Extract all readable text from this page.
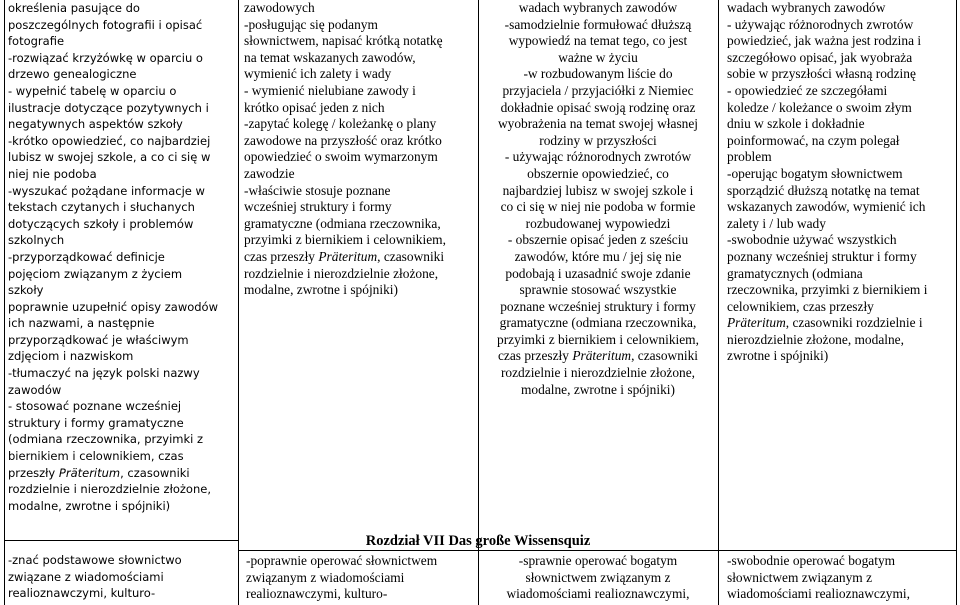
określenia pasujące do
poszczególnych fotografii i opisać
fotografie
-rozwiązać krzyżówkę w oparciu o
drzewo genealogiczne
- wypełnić tabelę w oparciu o
ilustracje dotyczące pozytywnych i
negatywnych aspektów szkoły
-krótko opowiedzieć, co najbardziej
lubisz w swojej szkole, a co ci się w
niej nie podoba
-wyszukać pożądane informacje w
tekstach czytanych i słuchanych
dotyczących szkoły i problemów
szkolnych
-przyporządkować definicje
pojęciom związanym z życiem
szkoły
poprawnie uzupełnić opisy zawodów
ich nazwami, a następnie
przyporządkować je właściwym
zdjęciom i nazwiskom
-tłumaczyć na język polski nazwy
zawodów
- stosować poznane wcześniej
struktury i formy gramatyczne
(odmiana rzeczownika, przyimki z
biernikiem i celownikiem, czas
przeszły Präteritum, czasowniki
rozdzielnie i nierozdzielnie złożone,
modalne, zwrotne i spójniki)
zawodowych
-posługując się podanym
słownictwem, napisać krótką notatkę
na temat wskazanych zawodów,
wymienić ich zalety i wady
- wymienić nielubiane zawody i
krótko opisać jeden z nich
-zapytać kolegę / koleżankę o plany
zawodowe na przyszłość oraz krótko
opowiedzieć o swoim wymarzonym
zawodzie
-właściwie stosuje poznane
wcześniej struktury i formy
gramatyczne (odmiana rzeczownika,
przyimki z biernikiem i celownikiem,
czas przeszły Präteritum, czasowniki
rozdzielnie i nierozdzielnie złożone,
modalne, zwrotne i spójniki)
wadach wybranych zawodów
-samodzielnie formułować dłuższą
wypowiedź na temat tego, co jest
ważne w życiu
-w rozbudowanym liście do
przyjaciela / przyjaciółki z Niemiec
dokładnie opisać swoją rodzinę oraz
wyobrażenia na temat swojej własnej
rodziny w przyszłości
- używając różnorodnych zwrotów
obszernie opowiedzieć, co
najbardziej lubisz w swojej szkole i
co ci się w niej nie podoba w formie
rozbudowanej wypowiedzi
- obszernie opisać jeden z sześciu
zawodów, które mu / jej się nie
podobają i uzasadnić swoje zdanie
sprawnie stosować wszystkie
poznane wcześniej struktury i formy
gramatyczne (odmiana rzeczownika,
przyimki z biernikiem i celownikiem,
czas przeszły Präteritum, czasowniki
rozdzielnie i nierozdzielnie złożone,
modalne, zwrotne i spójniki)
wadach wybranych zawodów
- używając różnorodnych zwrotów
powiedzieć, jak ważna jest rodzina i
szczegółowo opisać, jak wyobraża
sobie w przyszłości własną rodzinę
- opowiedzieć ze szczegółami
koledze / koleżance o swoim złym
dniu w szkole i dokładnie
poinformować, na czym polegał
problem
-operując bogatym słownictwem
sporządzić dłuższą notatkę na temat
wskazanych zawodów, wymienić ich
zalety i / lub wady
-swobodnie używać wszystkich
poznany wcześniej struktur i formy
gramatycznych (odmiana
rzeczownika, przyimki z biernikiem i
celownikiem, czas przeszły
Präteritum, czasowniki rozdzielnie i
nierozdzielnie złożone, modalne,
zwrotne i spójniki)
Rozdział VII Das große Wissensquiz
-znać podstawowe słownictwo
związane z wiadomościami
realioznawczymi, kulturo-
-poprawnie operować słownictwem
związanym z wiadomościami
realioznawczymi, kulturo-
-sprawnie operować bogatym
słownictwem związanym z
wiadomościami realioznawczymi,
-swobodnie operować bogatym
słownictwem związanym z
wiadomościami realioznawczymi,
